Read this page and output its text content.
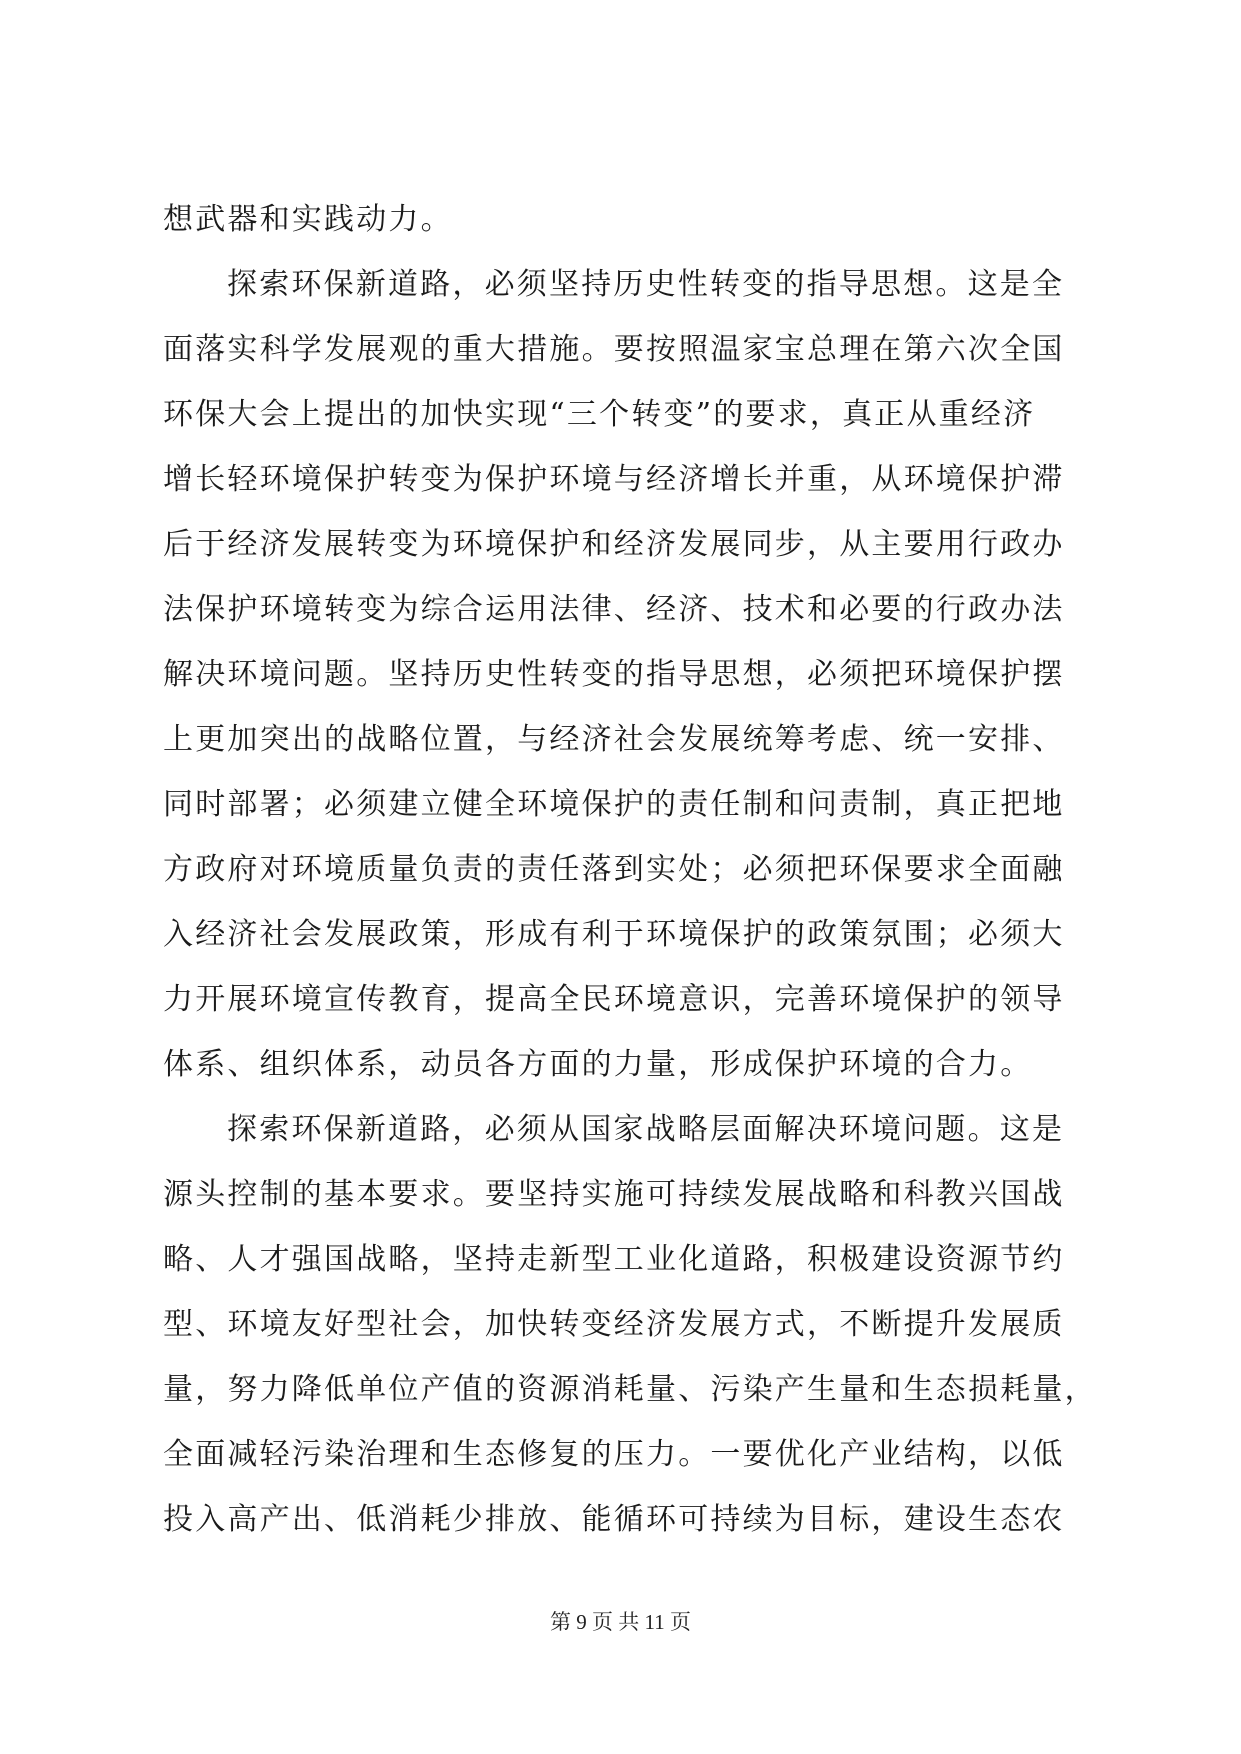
想武器和实践动力。
探索环保新道路，必须坚持历史性转变的指导思想。这是全
面落实科学发展观的重大措施。要按照温家宝总理在第六次全国
环保大会上提出的加快实现“三个转变”的要求，真正从重经济
增长轻环境保护转变为保护环境与经济增长并重，从环境保护滞
后于经济发展转变为环境保护和经济发展同步，从主要用行政办
法保护环境转变为综合运用法律、经济、技术和必要的行政办法
解决环境问题。坚持历史性转变的指导思想，必须把环境保护摆
上更加突出的战略位置，与经济社会发展统筹考虑、统一安排、
同时部署；必须建立健全环境保护的责任制和问责制，真正把地
方政府对环境质量负责的责任落到实处；必须把环保要求全面融
入经济社会发展政策，形成有利于环境保护的政策氛围；必须大
力开展环境宣传教育，提高全民环境意识，完善环境保护的领导
体系、组织体系，动员各方面的力量，形成保护环境的合力。
探索环保新道路，必须从国家战略层面解决环境问题。这是
源头控制的基本要求。要坚持实施可持续发展战略和科教兴国战
略、人才强国战略，坚持走新型工业化道路，积极建设资源节约
型、环境友好型社会，加快转变经济发展方式，不断提升发展质
量，努力降低单位产值的资源消耗量、污染产生量和生态损耗量，
全面减轻污染治理和生态修复的压力。一要优化产业结构，以低
投入高产出、低消耗少排放、能循环可持续为目标，建设生态农
第 9 页 共 11 页
